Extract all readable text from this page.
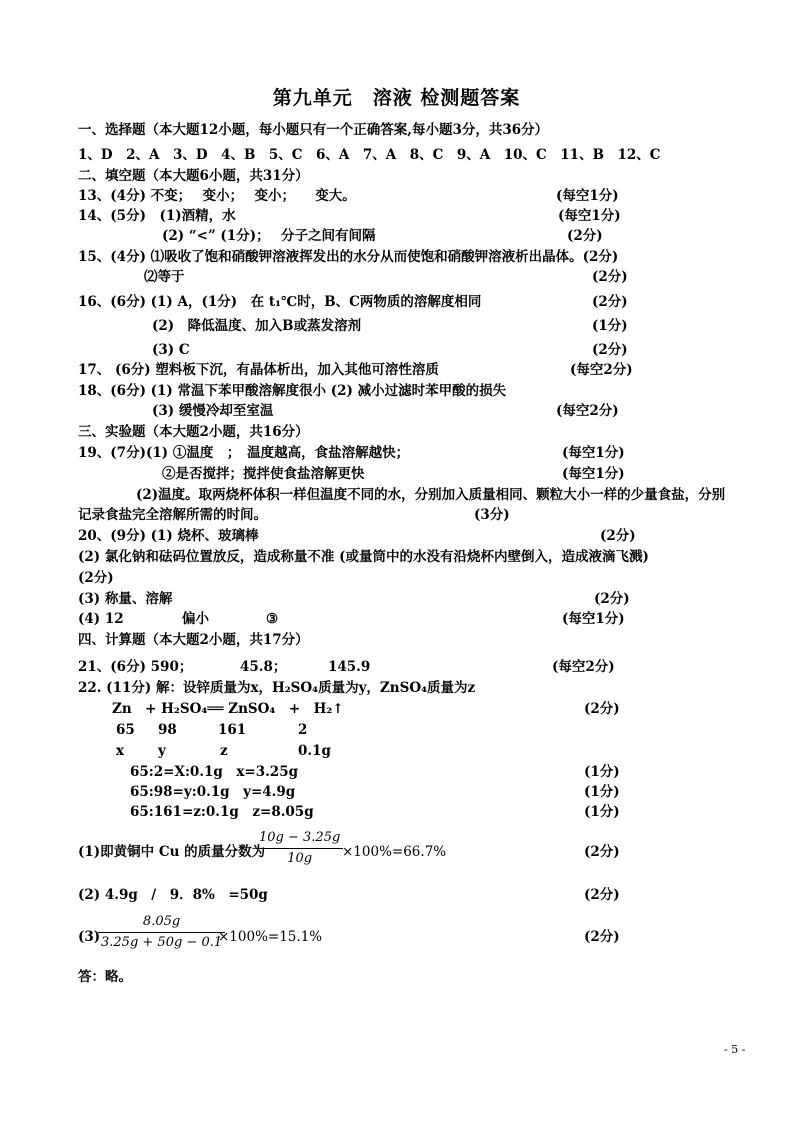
第九单元　溶液 检测题答案
一、选择题（本大题12小题，每小题只有一个正确答案,每小题3分，共36分）
1、D　2、A　3、D　4、B　5、C　6、A　7、A　8、C　9、A　10、C　11、B　12、C
二、填空题（本大题6小题，共31分）
13、(4分) 不变；　 变小；　 变小；　　变大。	(每空1分)
14、(5分)　(1)酒精，水	(每空1分)
(2) “<” (1分)；　 分子之间有间隔	(2分)
15、(4分) ⑴吸收了饱和硝酸钾溶液挥发出的水分从而使饱和硝酸钾溶液析出晶体。(2分)
⑵等于	(2分)
16、(6分) (1) A，(1分)　在 t₁℃时，B、C两物质的溶解度相同	(2分)
(2)　降低温度、加入B或蒸发溶剂	(1分)
(3) C	(2分)
17、 (6分) 塑料板下沉，有晶体析出，加入其他可溶性溶质	(每空2分)
18、(6分) (1) 常温下苯甲酸溶解度很小 (2) 减小过滤时苯甲酸的损失
(3) 缓慢冷却至室温	(每空2分)
三、实验题（本大题2小题，共16分）
19、(7分)(1) ①温度　；　温度越高，食盐溶解越快；	(每空1分)
②是否搅拌；搅拌使食盐溶解更快	(每空1分)
(2)温度。取两烧杯体积一样但温度不同的水，分别加入质量相同、颗粒大小一样的少量食盐，分别
记录食盐完全溶解所需的时间。	(3分)
20、(9分) (1) 烧杯、玻璃棒	(2分)
(2) 氯化钠和砝码位置放反，造成称量不准 (或量筒中的水没有沿烧杯内壁倒入，造成液滴飞溅)
(2分)
(3) 称量、溶解	(2分)
(4) 12	偏小	③	(每空1分)
四、计算题（本大题2小题，共17分）
21、(6分) 590；	45.8；	145.9	(每空2分)
22. (11分) 解：设锌质量为x，H₂SO₄质量为y，ZnSO₄质量为z
Zn　+ H₂SO₄══ ZnSO₄　+　H₂↑	(2分)
65 98	161	2
x	y	z	0.1g
65:2=X:0.1g　x=3.25g	(1分)
65:98=y:0.1g　y=4.9g	(1分)
65:161=z:0.1g　z=8.05g	(1分)
(1)即黄铜中 Cu 的质量分数为
10g − 3.25g
10g ×100%=66.7%	(2分)
(2) 4.9g　/　9．8%　=50g	(2分)
(3)
8.05g
3.25g + 50g − 0.1
×100%=15.1%	(2分)
答：略。
- 5 -
